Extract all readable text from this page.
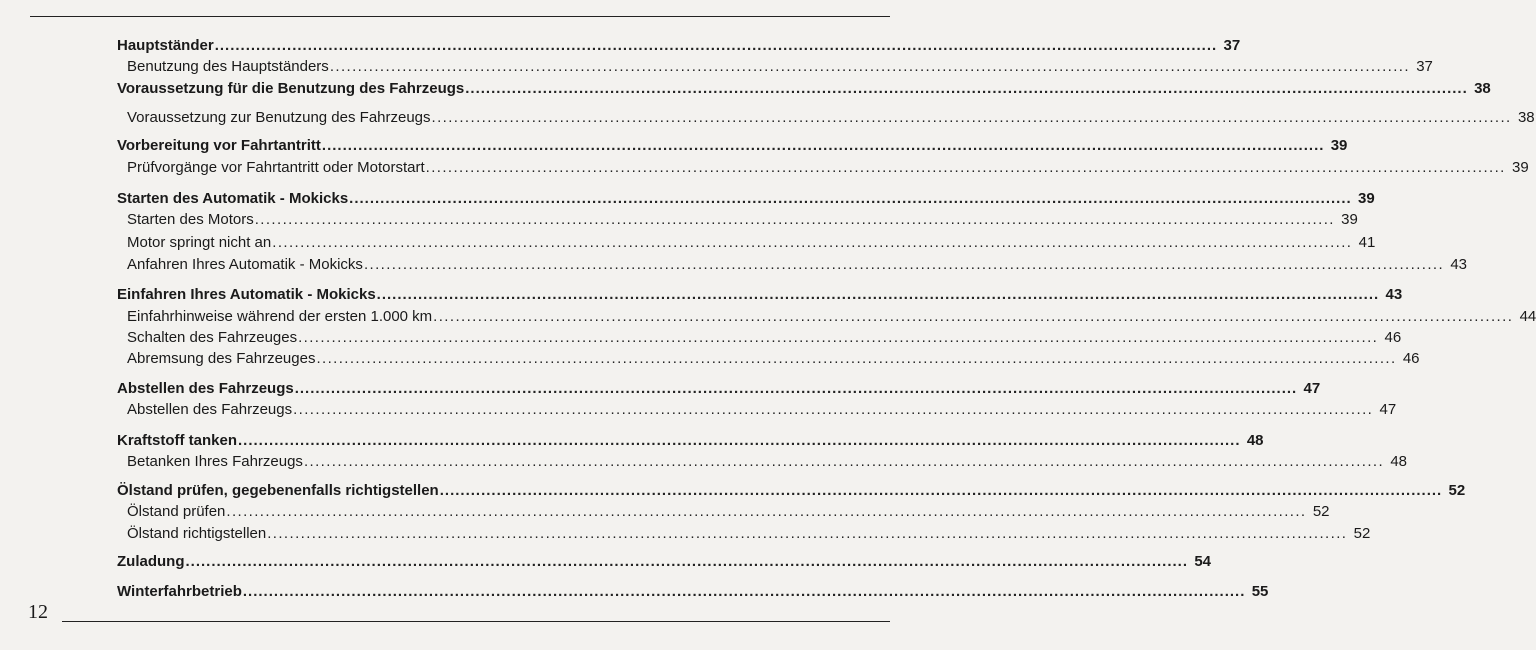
Hauptständer .................................................................................................................................................................................................. 37
Benutzung des Hauptständers .................................................................................................................................................................................................. 37
Voraussetzung für die Benutzung des Fahrzeugs .................................................................................................................................................................................................. 38
Voraussetzung zur Benutzung des Fahrzeugs .................................................................................................................................................................................................. 38
Vorbereitung vor Fahrtantritt .................................................................................................................................................................................................. 39
Prüfvorgänge vor Fahrtantritt oder Motorstart .................................................................................................................................................................................................. 39
Starten des Automatik - Mokicks .................................................................................................................................................................................................. 39
Starten des Motors .................................................................................................................................................................................................. 39
Motor springt nicht an .................................................................................................................................................................................................. 41
Anfahren Ihres Automatik - Mokicks .................................................................................................................................................................................................. 43
Einfahren Ihres Automatik - Mokicks .................................................................................................................................................................................................. 43
Einfahrhinweise während der ersten 1.000 km .................................................................................................................................................................................................. 44
Schalten des Fahrzeuges .................................................................................................................................................................................................. 46
Abremsung des Fahrzeuges .................................................................................................................................................................................................. 46
Abstellen des Fahrzeugs .................................................................................................................................................................................................. 47
Abstellen des Fahrzeugs .................................................................................................................................................................................................. 47
Kraftstoff tanken .................................................................................................................................................................................................. 48
Betanken Ihres Fahrzeugs .................................................................................................................................................................................................. 48
Ölstand prüfen, gegebenenfalls richtigstellen .................................................................................................................................................................................................. 52
Ölstand prüfen .................................................................................................................................................................................................. 52
Ölstand richtigstellen .................................................................................................................................................................................................. 52
Zuladung .................................................................................................................................................................................................. 54
Winterfahrbetrieb .................................................................................................................................................................................................. 55
12
